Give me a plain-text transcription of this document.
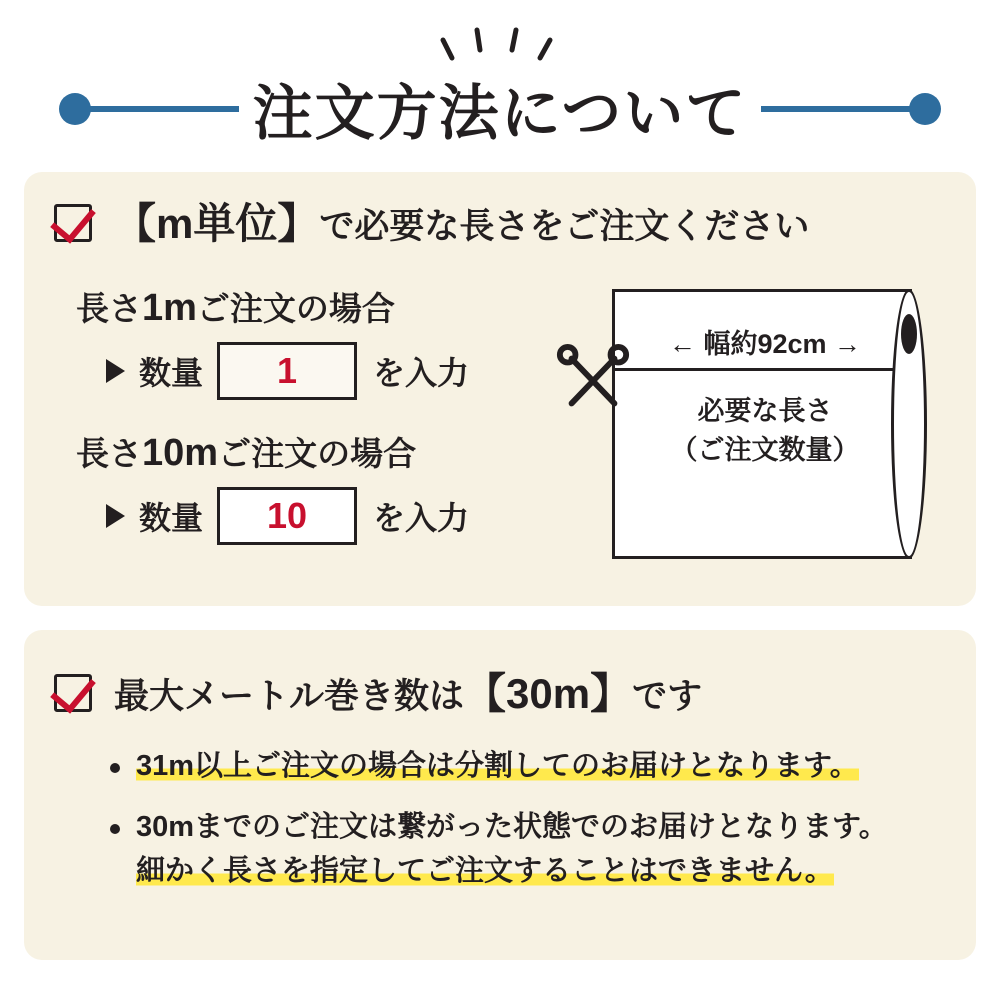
注文方法について
【m単位】で必要な長さをご注文ください
長さ1mご注文の場合
数量 1 を入力
長さ10mご注文の場合
数量 10 を入力
← 幅約92cm →
必要な長さ
（ご注文数量）
最大メートル巻き数は【30m】です
31m以上ご注文の場合は分割してのお届けとなります。
30mまでのご注文は繋がった状態でのお届けとなります。
細かく長さを指定してご注文することはできません。
